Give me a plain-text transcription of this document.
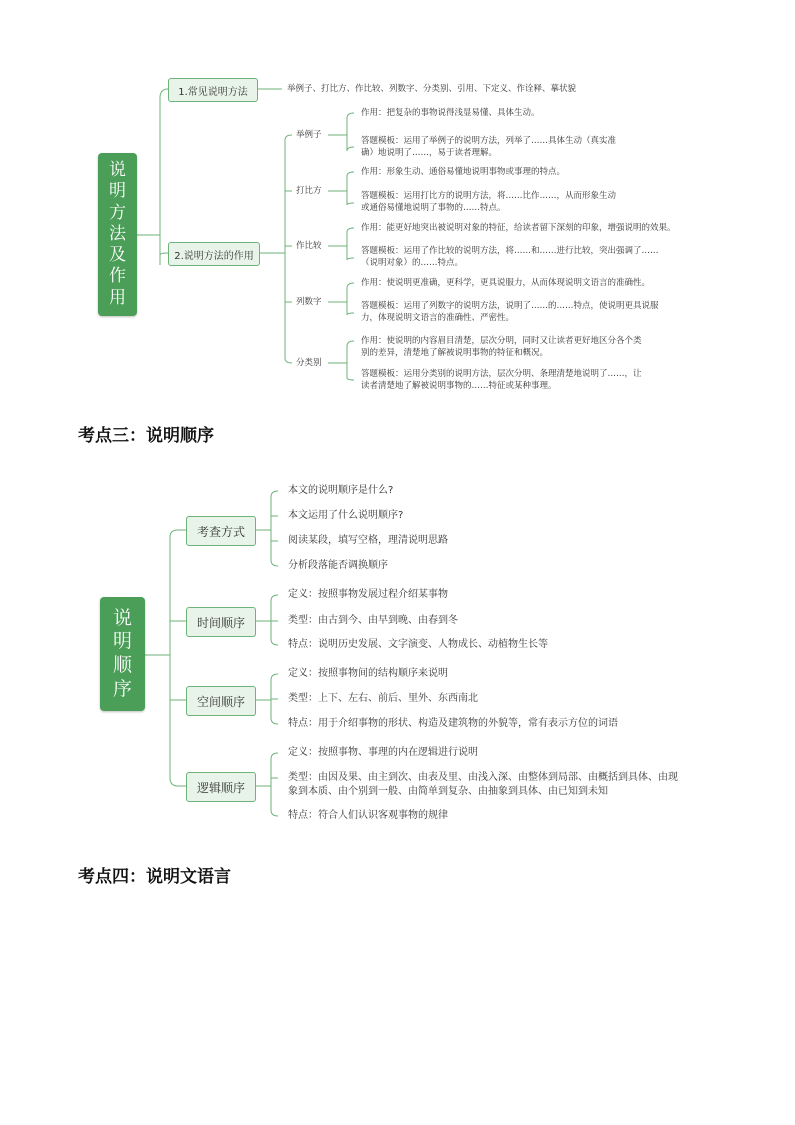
说
明
方
法
及
作
用
1.常见说明方法	举例子、打比方、作比较、列数字、分类别、引用、下定义、作诠释、摹状貌
2.说明方法的作用
举例子
作用：把复杂的事物说得浅显易懂、具体生动。
答题模板：运用了举例子的说明方法，列举了……具体生动（真实准
确）地说明了……，易于读者理解。
打比方
作用：形象生动、通俗易懂地说明事物或事理的特点。
答题模板：运用打比方的说明方法，将……比作……，从而形象生动
或通俗易懂地说明了事物的……特点。
作比较
作用：能更好地突出被说明对象的特征，给读者留下深刻的印象，增强说明的效果。
答题模板：运用了作比较的说明方法，将……和……进行比较，突出强调了……
（说明对象）的……特点。
列数字
作用：使说明更准确，更科学，更具说服力，从而体现说明文语言的准确性。
答题模板：运用了列数字的说明方法，说明了……的……特点，使说明更具说服
力，体现说明文语言的准确性、严密性。
分类别
作用：使说明的内容眉目清楚，层次分明，同时又让读者更好地区分各个类
别的差异，清楚地了解被说明事物的特征和概况。
答题模板：运用分类别的说明方法，层次分明、条理清楚地说明了……，让
读者清楚地了解被说明事物的……特征或某种事理。
考点三：说明顺序
说
明
顺
序
考查方式
本文的说明顺序是什么?
本文运用了什么说明顺序?
阅读某段，填写空格，理清说明思路
分析段落能否调换顺序
时间顺序
定义：按照事物发展过程介绍某事物
类型：由古到今、由早到晚、由春到冬
特点：说明历史发展、文字演变、人物成长、动植物生长等
空间顺序
定义：按照事物间的结构顺序来说明
类型：上下、左右、前后、里外、东西南北
特点：用于介绍事物的形状、构造及建筑物的外貌等，常有表示方位的词语
逻辑顺序
定义：按照事物、事理的内在逻辑进行说明
类型：由因及果、由主到次、由表及里、由浅入深、由整体到局部、由概括到具体、由现
象到本质、由个别到一般、由简单到复杂、由抽象到具体、由已知到未知
特点：符合人们认识客观事物的规律
考点四：说明文语言
